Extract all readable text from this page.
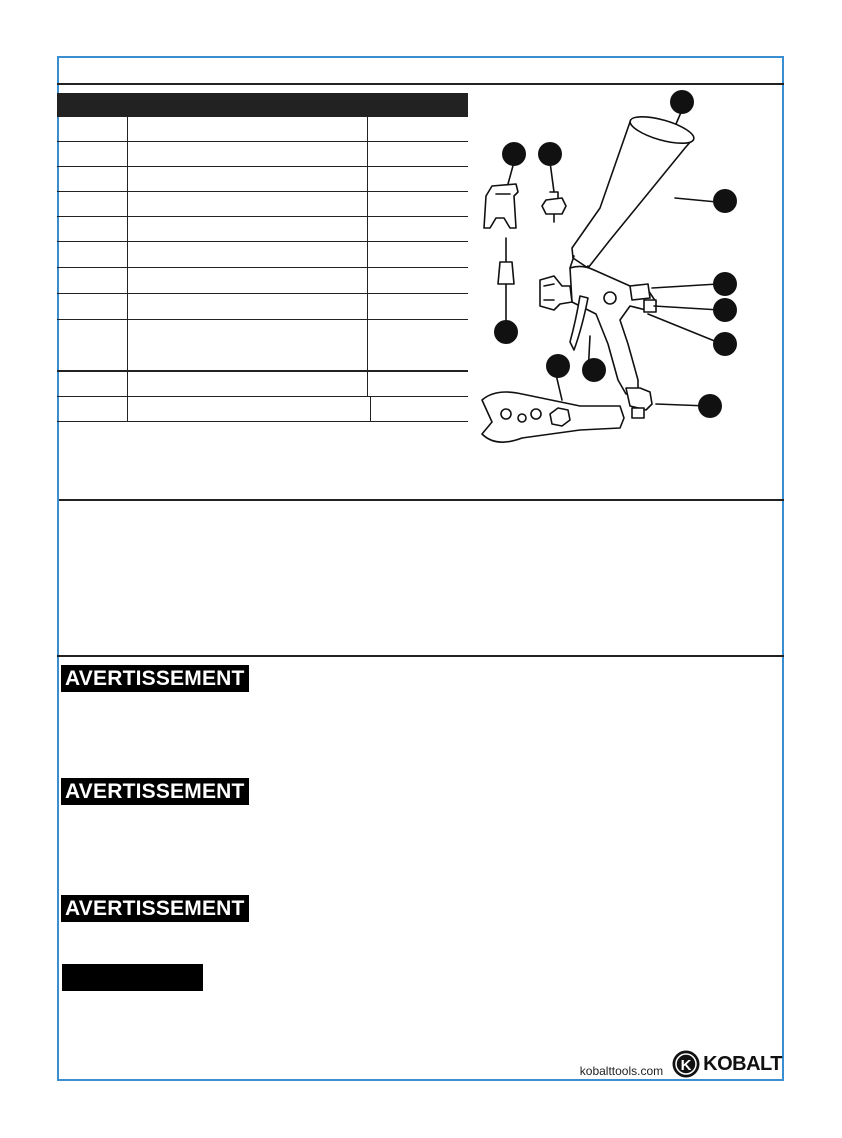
AVERTISSEMENT
AVERTISSEMENT
AVERTISSEMENT
kobalttools.com K KOBALT
